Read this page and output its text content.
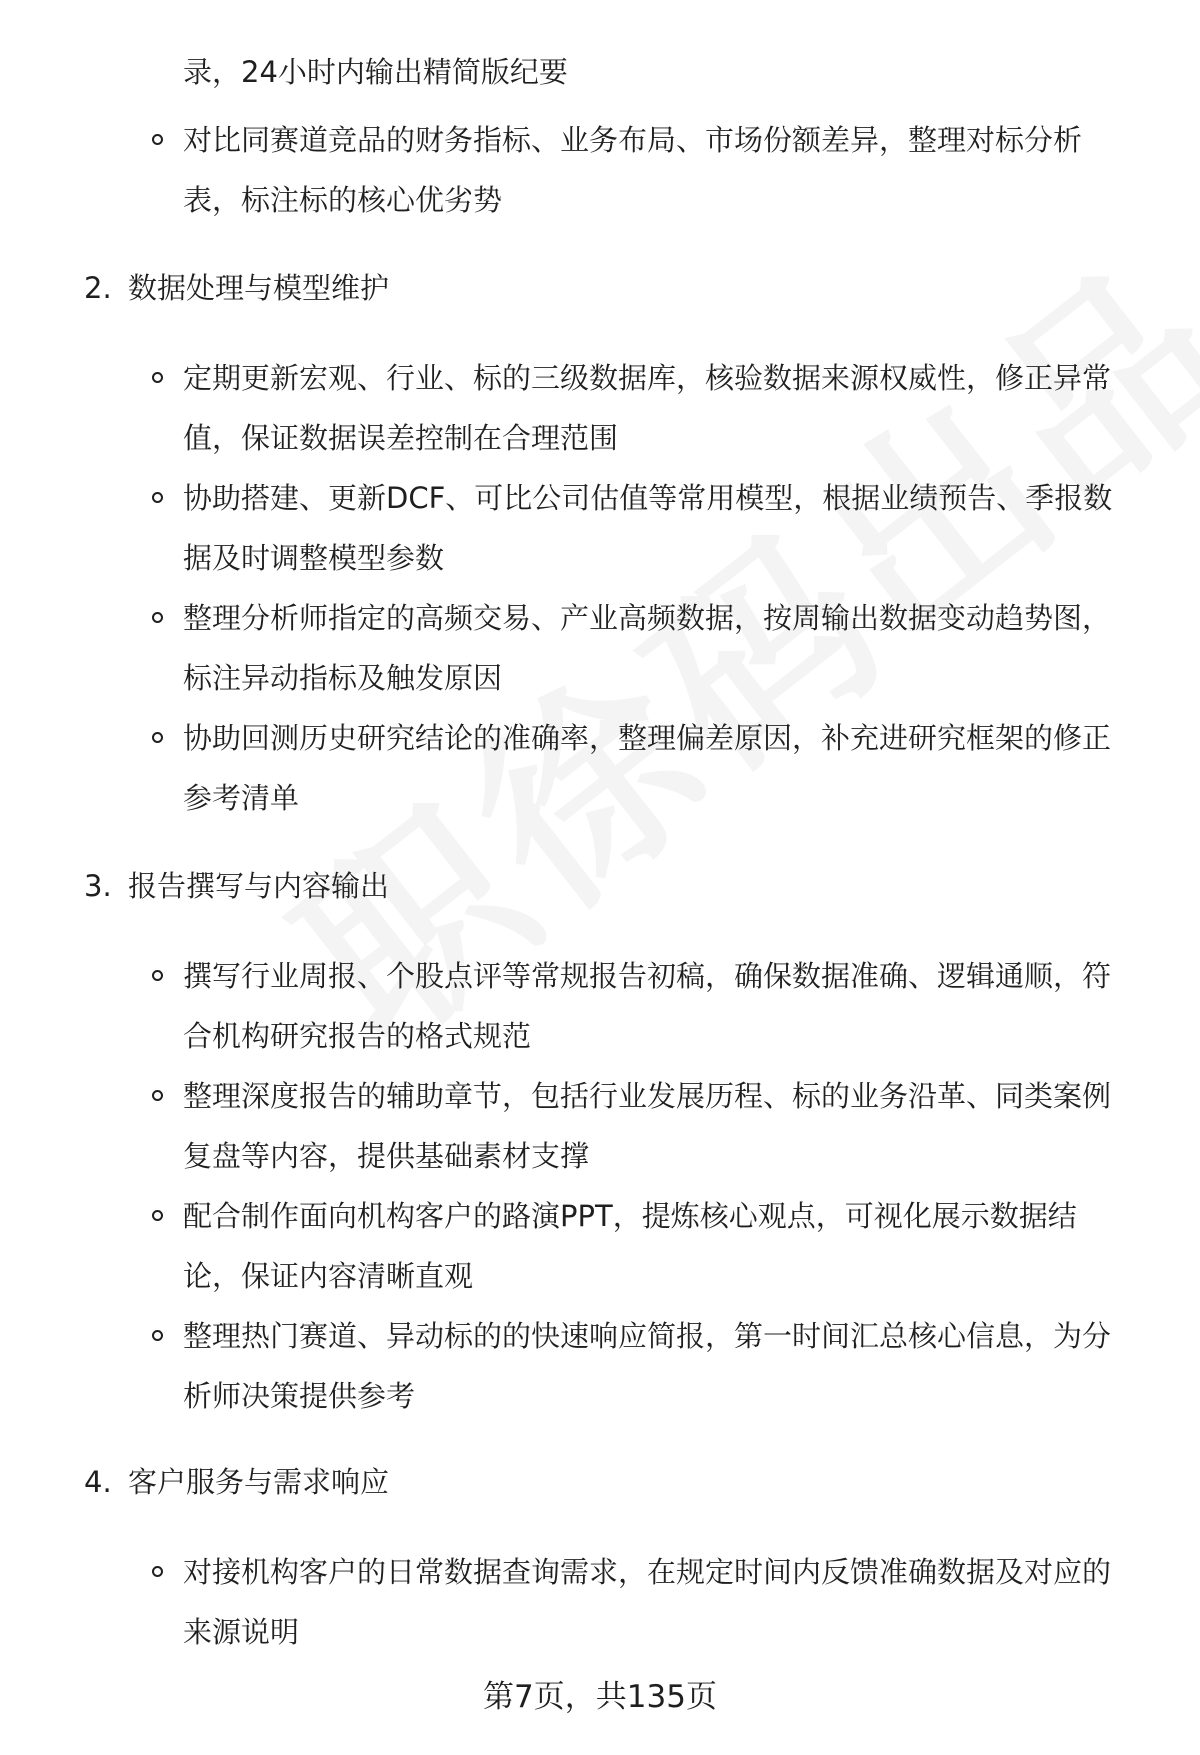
录，24小时内输出精简版纪要
对比同赛道竞品的财务指标、业务布局、市场份额差异，整理对标分析
表，标注标的核心优劣势
2. 数据处理与模型维护
定期更新宏观、行业、标的三级数据库，核验数据来源权威性，修正异常
值，保证数据误差控制在合理范围
协助搭建、更新DCF、可比公司估值等常用模型，根据业绩预告、季报数
据及时调整模型参数
整理分析师指定的高频交易、产业高频数据，按周输出数据变动趋势图，
标注异动指标及触发原因
协助回测历史研究结论的准确率，整理偏差原因，补充进研究框架的修正
参考清单
3. 报告撰写与内容输出
撰写行业周报、个股点评等常规报告初稿，确保数据准确、逻辑通顺，符
合机构研究报告的格式规范
整理深度报告的辅助章节，包括行业发展历程、标的业务沿革、同类案例
复盘等内容，提供基础素材支撑
配合制作面向机构客户的路演PPT，提炼核心观点，可视化展示数据结
论，保证内容清晰直观
整理热门赛道、异动标的的快速响应简报，第一时间汇总核心信息，为分
析师决策提供参考
4. 客户服务与需求响应
对接机构客户的日常数据查询需求，在规定时间内反馈准确数据及对应的
来源说明
第7页，共135页
